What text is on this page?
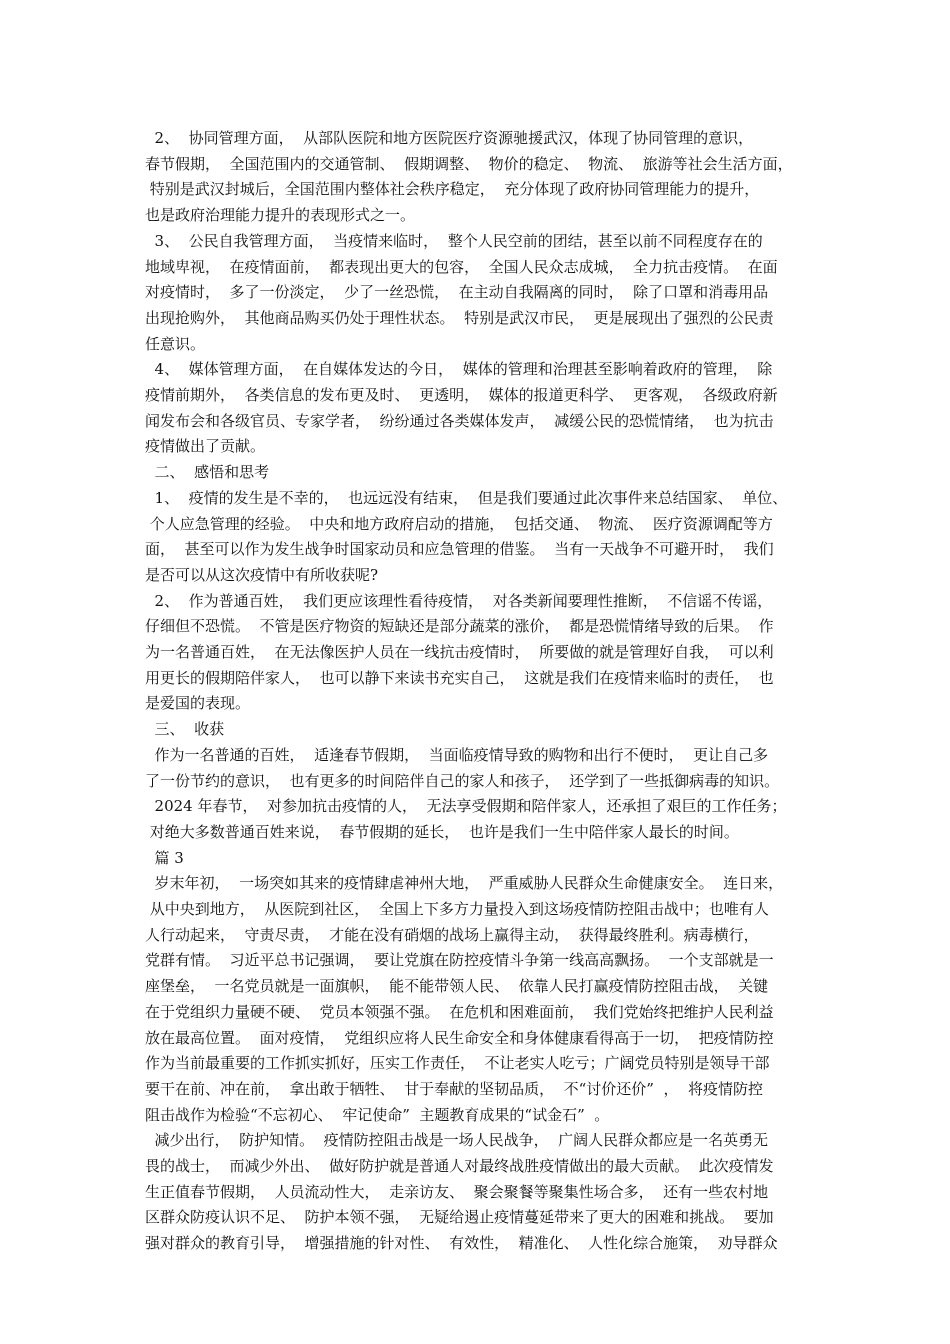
2、  协同管理方面，  从部队医院和地方医院医疗资源驰援武汉，体现了协同管理的意识，

春节假期，  全国范围内的交通管制、  假期调整、  物价的稳定、  物流、  旅游等社会生活方面，

特别是武汉封城后，全国范围内整体社会秩序稳定，  充分体现了政府协同管理能力的提升，

也是政府治理能力提升的表现形式之一。

3、  公民自我管理方面，  当疫情来临时，  整个人民空前的团结，甚至以前不同程度存在的

地域卑视，  在疫情面前，  都表现出更大的包容，  全国人民众志成城，  全力抗击疫情。  在面

对疫情时，  多了一份淡定，  少了一丝恐慌，  在主动自我隔离的同时，  除了口罩和消毒用品

出现抢购外，  其他商品购买仍处于理性状态。  特别是武汉市民，  更是展现出了强烈的公民责

任意识。

4、  媒体管理方面，  在自媒体发达的今日，  媒体的管理和治理甚至影响着政府的管理，  除

疫情前期外，  各类信息的发布更及时、  更透明，  媒体的报道更科学、  更客观，  各级政府新

闻发布会和各级官员、专家学者，  纷纷通过各类媒体发声，  减缓公民的恐慌情绪，  也为抗击

疫情做出了贡献。

二、  感悟和思考

1、  疫情的发生是不幸的，  也远远没有结束，  但是我们要通过此次事件来总结国家、  单位、

个人应急管理的经验。  中央和地方政府启动的措施，  包括交通、  物流、  医疗资源调配等方

面，  甚至可以作为发生战争时国家动员和应急管理的借鉴。  当有一天战争不可避开时，  我们

是否可以从这次疫情中有所收获呢?

2、  作为普通百姓，  我们更应该理性看待疫情，  对各类新闻要理性推断，  不信谣不传谣，

仔细但不恐慌。  不管是医疗物资的短缺还是部分蔬菜的涨价，  都是恐慌情绪导致的后果。  作

为一名普通百姓，  在无法像医护人员在一线抗击疫情时，  所要做的就是管理好自我，  可以利

用更长的假期陪伴家人，  也可以静下来读书充实自己，  这就是我们在疫情来临时的责任，  也

是爱国的表现。

三、  收获

作为一名普通的百姓，  适逢春节假期，  当面临疫情导致的购物和出行不便时，  更让自己多

了一份节约的意识，  也有更多的时间陪伴自己的家人和孩子，  还学到了一些抵御病毒的知识。

2024 年春节，  对参加抗击疫情的人，  无法享受假期和陪伴家人，还承担了艰巨的工作任务；

对绝大多数普通百姓来说，  春节假期的延长，  也许是我们一生中陪伴家人最长的时间。

篇 3

岁末年初，  一场突如其来的疫情肆虐神州大地，  严重威胁人民群众生命健康安全。  连日来，

从中央到地方，  从医院到社区，  全国上下多方力量投入到这场疫情防控阻击战中；也唯有人

人行动起来，  守责尽责，  才能在没有硝烟的战场上赢得主动，  获得最终胜利。病毒横行，

党群有情。  习近平总书记强调，  要让党旗在防控疫情斗争第一线高高飘扬。  一个支部就是一

座堡垒，  一名党员就是一面旗帜，  能不能带领人民、  依靠人民打赢疫情防控阻击战，  关键

在于党组织力量硬不硬、  党员本领强不强。  在危机和困难面前，  我们党始终把维护人民利益

放在最高位置。  面对疫情，  党组织应将人民生命安全和身体健康看得高于一切，  把疫情防控

作为当前最重要的工作抓实抓好，压实工作责任，  不让老实人吃亏；广阔党员特别是领导干部

要干在前、冲在前，  拿出敢于牺牲、  甘于奉献的坚韧品质，  不“讨价还价”  ，  将疫情防控

阻击战作为检验“不忘初心、  牢记使命”  主题教育成果的“试金石”  。

减少出行，  防护知情。  疫情防控阻击战是一场人民战争，  广阔人民群众都应是一名英勇无

畏的战士，  而减少外出、  做好防护就是普通人对最终战胜疫情做出的最大贡献。  此次疫情发

生正值春节假期，  人员流动性大，  走亲访友、  聚会聚餐等聚集性场合多，  还有一些农村地

区群众防疫认识不足、  防护本领不强，  无疑给遏止疫情蔓延带来了更大的困难和挑战。  要加

强对群众的教育引导，  增强措施的针对性、  有效性，  精准化、  人性化综合施策，  劝导群众
